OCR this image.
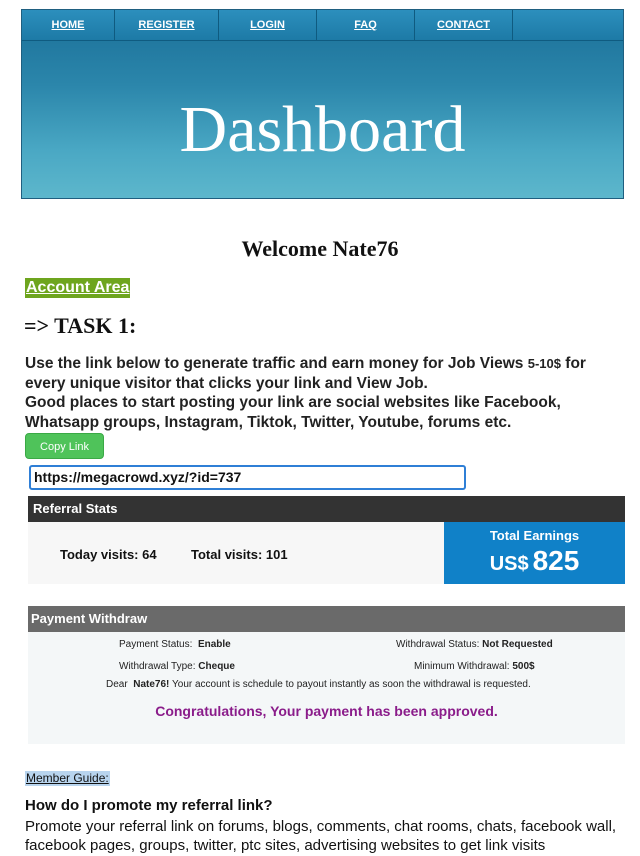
HOME	REGISTER	LOGIN	FAQ	CONTACT
Dashboard
Welcome Nate76
Account Area
=> TASK 1:
Use the link below to generate traffic and earn money for Job Views 5-10$ for every unique visitor that clicks your link and View Job.
Good places to start posting your link are social websites like Facebook, Whatsapp groups, Instagram, Tiktok, Twitter, Youtube, forums etc.
Copy Link
https://megacrowd.xyz/?id=737
Referral Stats
Today visits: 64	Total visits: 101
Total Earnings
US$ 825
Payment Withdraw
Payment Status: Enable	Withdrawal Status: Not Requested
Withdrawal Type: Cheque	Minimum Withdrawal: 500$
Dear Nate76! Your account is schedule to payout instantly as soon the withdrawal is requested.
Congratulations, Your payment has been approved.
Member Guide:
How do I promote my referral link?
Promote your referral link on forums, blogs, comments, chat rooms, chats, facebook wall, facebook pages, groups, twitter, ptc sites, advertising websites to get link visits
